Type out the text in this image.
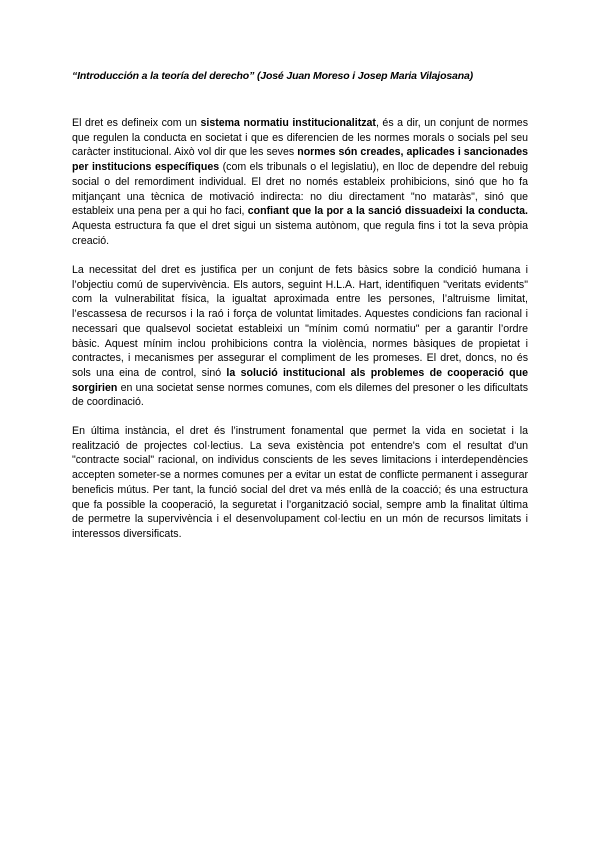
“Introducción a la teoría del derecho” (José Juan Moreso i Josep Maria Vilajosana)

El dret es defineix com un sistema normatiu institucionalitzat, és a dir, un conjunt de normes que regulen la conducta en societat i que es diferencien de les normes morals o socials pel seu caràcter institucional. Això vol dir que les seves normes són creades, aplicades i sancionades per institucions específiques (com els tribunals o el legislatiu), en lloc de dependre del rebuig social o del remordiment individual. El dret no només estableix prohibicions, sinó que ho fa mitjançant una tècnica de motivació indirecta: no diu directament "no mataràs", sinó que estableix una pena per a qui ho faci, confiant que la por a la sanció dissuadeixi la conducta. Aquesta estructura fa que el dret sigui un sistema autònom, que regula fins i tot la seva pròpia creació.

La necessitat del dret es justifica per un conjunt de fets bàsics sobre la condició humana i l’objectiu comú de supervivència. Els autors, seguint H.L.A. Hart, identifiquen "veritats evidents" com la vulnerabilitat física, la igualtat aproximada entre les persones, l’altruisme limitat, l’escassesa de recursos i la raó i força de voluntat limitades. Aquestes condicions fan racional i necessari que qualsevol societat estableixi un "mínim comú normatiu" per a garantir l’ordre bàsic. Aquest mínim inclou prohibicions contra la violència, normes bàsiques de propietat i contractes, i mecanismes per assegurar el compliment de les promeses. El dret, doncs, no és sols una eina de control, sinó la solució institucional als problemes de cooperació que sorgirien en una societat sense normes comunes, com els dilemes del presoner o les dificultats de coordinació.

En última instància, el dret és l’instrument fonamental que permet la vida en societat i la realització de projectes col·lectius. La seva existència pot entendre's com el resultat d'un "contracte social" racional, on individus conscients de les seves limitacions i interdependències accepten someter-se a normes comunes per a evitar un estat de conflicte permanent i assegurar beneficis mútus. Per tant, la funció social del dret va més enllà de la coacció; és una estructura que fa possible la cooperació, la seguretat i l’organització social, sempre amb la finalitat última de permetre la supervivència i el desenvolupament col·lectiu en un món de recursos limitats i interessos diversificats.
